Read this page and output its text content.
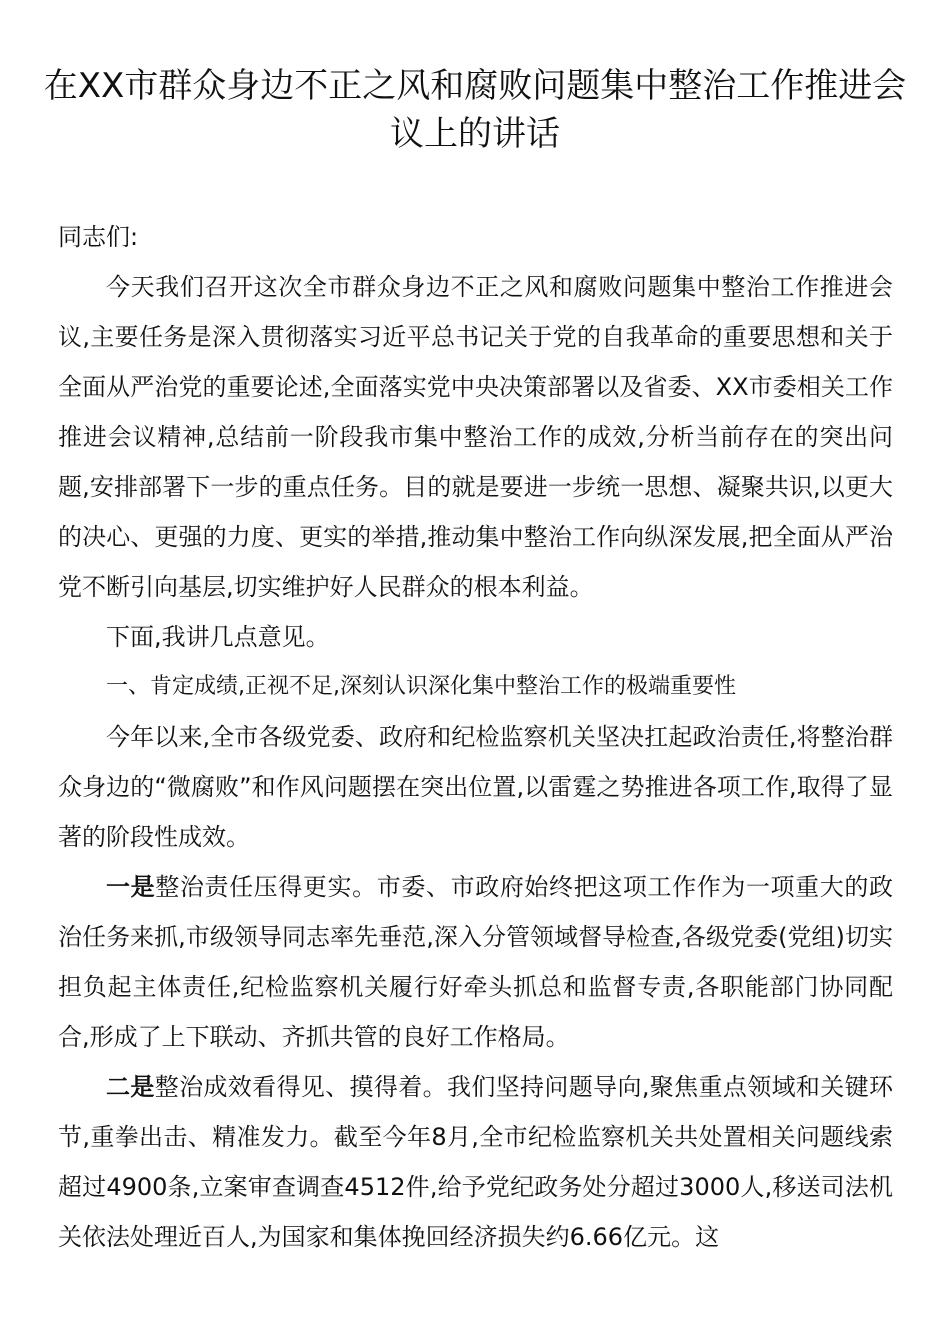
在XX市群众身边不正之风和腐败问题集中整治工作推进会议上的讲话

同志们:

今天我们召开这次全市群众身边不正之风和腐败问题集中整治工作推进会议,主要任务是深入贯彻落实习近平总书记关于党的自我革命的重要思想和关于全面从严治党的重要论述,全面落实党中央决策部署以及省委、XX市委相关工作推进会议精神,总结前一阶段我市集中整治工作的成效,分析当前存在的突出问题,安排部署下一步的重点任务。目的就是要进一步统一思想、凝聚共识,以更大的决心、更强的力度、更实的举措,推动集中整治工作向纵深发展,把全面从严治党不断引向基层,切实维护好人民群众的根本利益。

下面,我讲几点意见。

一、肯定成绩,正视不足,深刻认识深化集中整治工作的极端重要性

今年以来,全市各级党委、政府和纪检监察机关坚决扛起政治责任,将整治群众身边的“微腐败”和作风问题摆在突出位置,以雷霆之势推进各项工作,取得了显著的阶段性成效。

一是整治责任压得更实。市委、市政府始终把这项工作作为一项重大的政治任务来抓,市级领导同志率先垂范,深入分管领域督导检查,各级党委(党组)切实担负起主体责任,纪检监察机关履行好牵头抓总和监督专责,各职能部门协同配合,形成了上下联动、齐抓共管的良好工作格局。

二是整治成效看得见、摸得着。我们坚持问题导向,聚焦重点领域和关键环节,重拳出击、精准发力。截至今年8月,全市纪检监察机关共处置相关问题线索超过4900条,立案审查调查4512件,给予党纪政务处分超过3000人,移送司法机关依法处理近百人,为国家和集体挽回经济损失约6.66亿元。这
